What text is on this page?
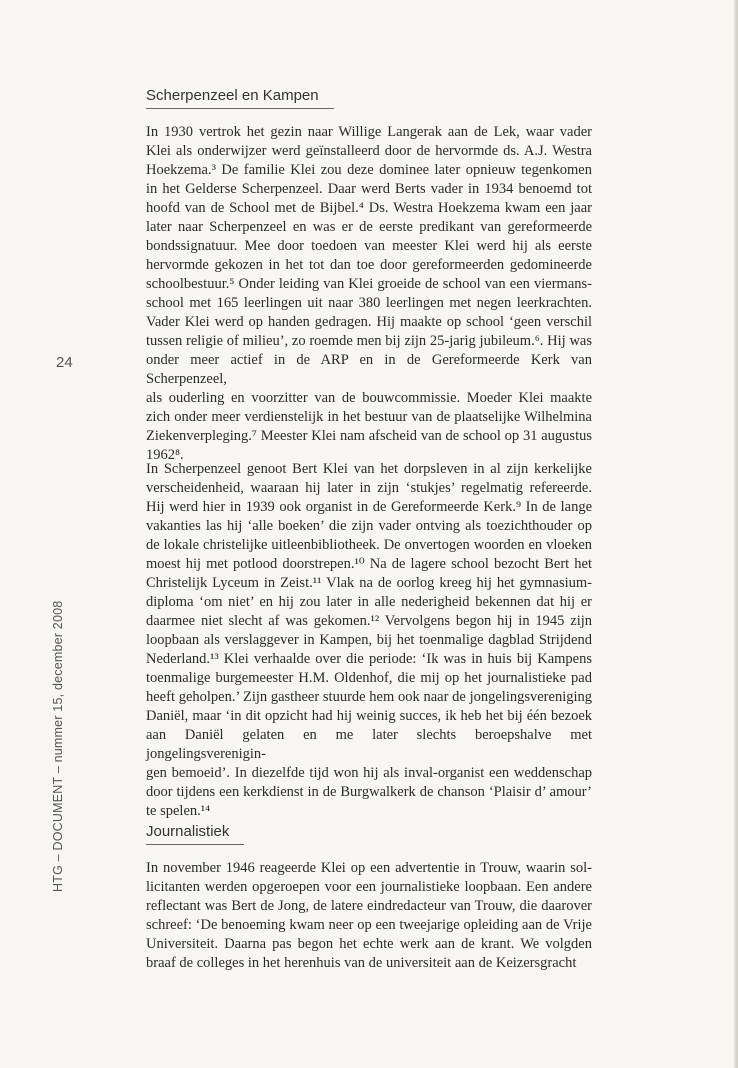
24
HTG – DOCUMENT – nummer 15, december 2008
Scherpenzeel en Kampen
In 1930 vertrok het gezin naar Willige Langerak aan de Lek, waar vader
Klei als onderwijzer werd geïnstalleerd door de hervormde ds. A.J. Westra
Hoekzema.³ De familie Klei zou deze dominee later opnieuw tegenkomen
in het Gelderse Scherpenzeel. Daar werd Berts vader in 1934 benoemd tot
hoofd van de School met de Bijbel.⁴ Ds. Westra Hoekzema kwam een jaar
later naar Scherpenzeel en was er de eerste predikant van gereformeerde
bondssignatuur. Mee door toedoen van meester Klei werd hij als eerste
hervormde gekozen in het tot dan toe door gereformeerden gedomineerde
schoolbestuur.⁵ Onder leiding van Klei groeide de school van een viermans-
school met 165 leerlingen uit naar 380 leerlingen met negen leerkrachten.
Vader Klei werd op handen gedragen. Hij maakte op school ‘geen verschil
tussen religie of milieu’, zo roemde men bij zijn 25-jarig jubileum.⁶. Hij was
onder meer actief in de ARP en in de Gereformeerde Kerk van Scherpenzeel,
als ouderling en voorzitter van de bouwcommissie. Moeder Klei maakte
zich onder meer verdienstelijk in het bestuur van de plaatselijke Wilhelmina
Ziekenverpleging.⁷ Meester Klei nam afscheid van de school op 31 augustus
1962⁸.
In Scherpenzeel genoot Bert Klei van het dorpsleven in al zijn kerkelijke
verscheidenheid, waaraan hij later in zijn ‘stukjes’ regelmatig refereerde.
Hij werd hier in 1939 ook organist in de Gereformeerde Kerk.⁹ In de lange
vakanties las hij ‘alle boeken’ die zijn vader ontving als toezichthouder op
de lokale christelijke uitleenbibliotheek. De onvertogen woorden en vloeken
moest hij met potlood doorstrepen.¹⁰ Na de lagere school bezocht Bert het
Christelijk Lyceum in Zeist.¹¹ Vlak na de oorlog kreeg hij het gymnasium-
diploma ‘om niet’ en hij zou later in alle nederigheid bekennen dat hij er
daarmee niet slecht af was gekomen.¹² Vervolgens begon hij in 1945 zijn
loopbaan als verslaggever in Kampen, bij het toenmalige dagblad Strijdend
Nederland.¹³ Klei verhaalde over die periode: ‘Ik was in huis bij Kampens
toenmalige burgemeester H.M. Oldenhof, die mij op het journalistieke pad
heeft geholpen.’ Zijn gastheer stuurde hem ook naar de jongelingsvereniging
Daniël, maar ‘in dit opzicht had hij weinig succes, ik heb het bij één bezoek
aan Daniël gelaten en me later slechts beroepshalve met jongelingsverenigin-
gen bemoeid’. In diezelfde tijd won hij als inval-organist een weddenschap
door tijdens een kerkdienst in de Burgwalkerk de chanson ‘Plaisir d’ amour’
te spelen.¹⁴
Journalistiek
In november 1946 reageerde Klei op een advertentie in Trouw, waarin sol-
licitanten werden opgeroepen voor een journalistieke loopbaan. Een andere
reflectant was Bert de Jong, de latere eindredacteur van Trouw, die daarover
schreef: ‘De benoeming kwam neer op een tweejarige opleiding aan de Vrije
Universiteit. Daarna pas begon het echte werk aan de krant. We volgden
braaf de colleges in het herenhuis van de universiteit aan de Keizersgracht
